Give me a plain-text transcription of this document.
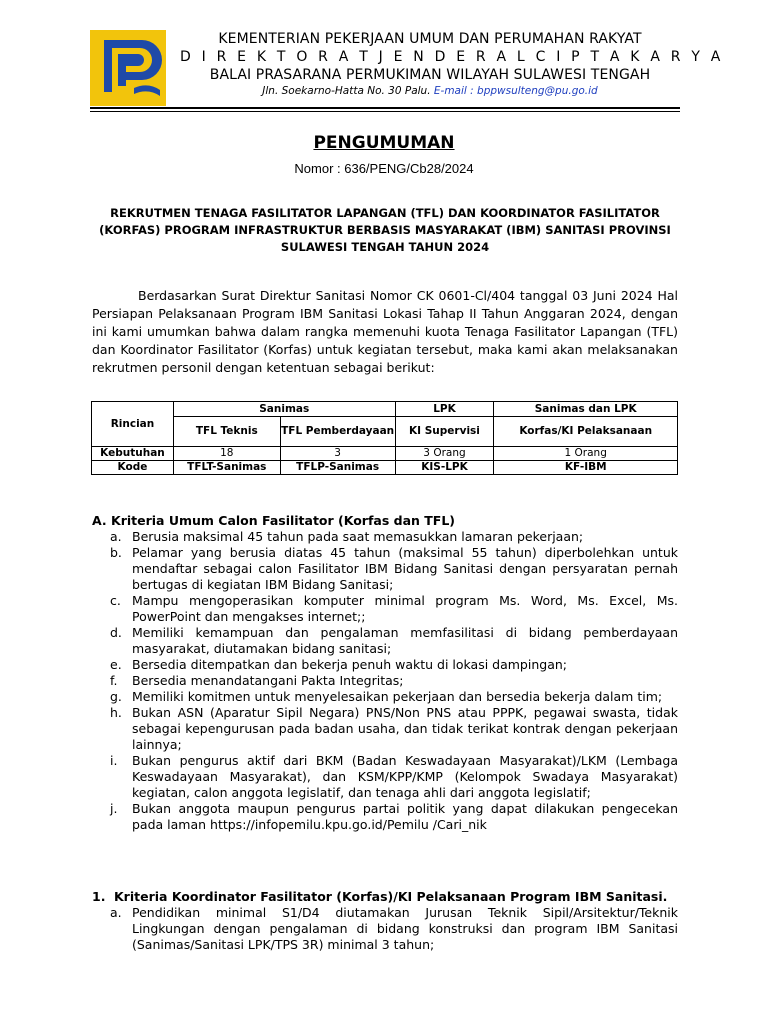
KEMENTERIAN PEKERJAAN UMUM DAN PERUMAHAN RAKYAT
D I R E K T O R A T J E N D E R A L C I P T A K A R Y A
BALAI PRASARANA PERMUKIMAN WILAYAH SULAWESI TENGAH
Jln. Soekarno-Hatta No. 30 Palu. E-mail : bppwsulteng@pu.go.id
PENGUMUMAN
Nomor : 636/PENG/Cb28/2024
REKRUTMEN TENAGA FASILITATOR LAPANGAN (TFL) DAN KOORDINATOR FASILITATOR (KORFAS) PROGRAM INFRASTRUKTUR BERBASIS MASYARAKAT (IBM) SANITASI PROVINSI SULAWESI TENGAH TAHUN 2024
Berdasarkan Surat Direktur Sanitasi Nomor CK 0601-Cl/404 tanggal 03 Juni 2024 Hal Persiapan Pelaksanaan Program IBM Sanitasi Lokasi Tahap II Tahun Anggaran 2024, dengan ini kami umumkan bahwa dalam rangka memenuhi kuota Tenaga Fasilitator Lapangan (TFL) dan Koordinator Fasilitator (Korfas) untuk kegiatan tersebut, maka kami akan melaksanakan rekrutmen personil dengan ketentuan sebagai berikut:
Rincian	Sanimas		LPK	Sanimas dan LPK
	TFL Teknis	TFL Pemberdayaan	KI Supervisi	Korfas/KI Pelaksanaan
Kebutuhan	18	3	3 Orang	1 Orang
Kode	TFLT-Sanimas	TFLP-Sanimas	KIS-LPK	KF-IBM
A. Kriteria Umum Calon Fasilitator (Korfas dan TFL)
a. Berusia maksimal 45 tahun pada saat memasukkan lamaran pekerjaan;
b. Pelamar yang berusia diatas 45 tahun (maksimal 55 tahun) diperbolehkan untuk mendaftar sebagai calon Fasilitator IBM Bidang Sanitasi dengan persyaratan pernah bertugas di kegiatan IBM Bidang Sanitasi;
c. Mampu mengoperasikan komputer minimal program Ms. Word, Ms. Excel, Ms. PowerPoint dan mengakses internet;;
d. Memiliki kemampuan dan pengalaman memfasilitasi di bidang pemberdayaan masyarakat, diutamakan bidang sanitasi;
e. Bersedia ditempatkan dan bekerja penuh waktu di lokasi dampingan;
f. Bersedia menandatangani Pakta Integritas;
g. Memiliki komitmen untuk menyelesaikan pekerjaan dan bersedia bekerja dalam tim;
h. Bukan ASN (Aparatur Sipil Negara) PNS/Non PNS atau PPPK, pegawai swasta, tidak sebagai kepengurusan pada badan usaha, dan tidak terikat kontrak dengan pekerjaan lainnya;
i. Bukan pengurus aktif dari BKM (Badan Keswadayaan Masyarakat)/LKM (Lembaga Keswadayaan Masyarakat), dan KSM/KPP/KMP (Kelompok Swadaya Masyarakat) kegiatan, calon anggota legislatif, dan tenaga ahli dari anggota legislatif;
j. Bukan anggota maupun pengurus partai politik yang dapat dilakukan pengecekan pada laman https://infopemilu.kpu.go.id/Pemilu /Cari_nik
1. Kriteria Koordinator Fasilitator (Korfas)/KI Pelaksanaan Program IBM Sanitasi.
a. Pendidikan minimal S1/D4 diutamakan Jurusan Teknik Sipil/Arsitektur/Teknik Lingkungan dengan pengalaman di bidang konstruksi dan program IBM Sanitasi (Sanimas/Sanitasi LPK/TPS 3R) minimal 3 tahun;
